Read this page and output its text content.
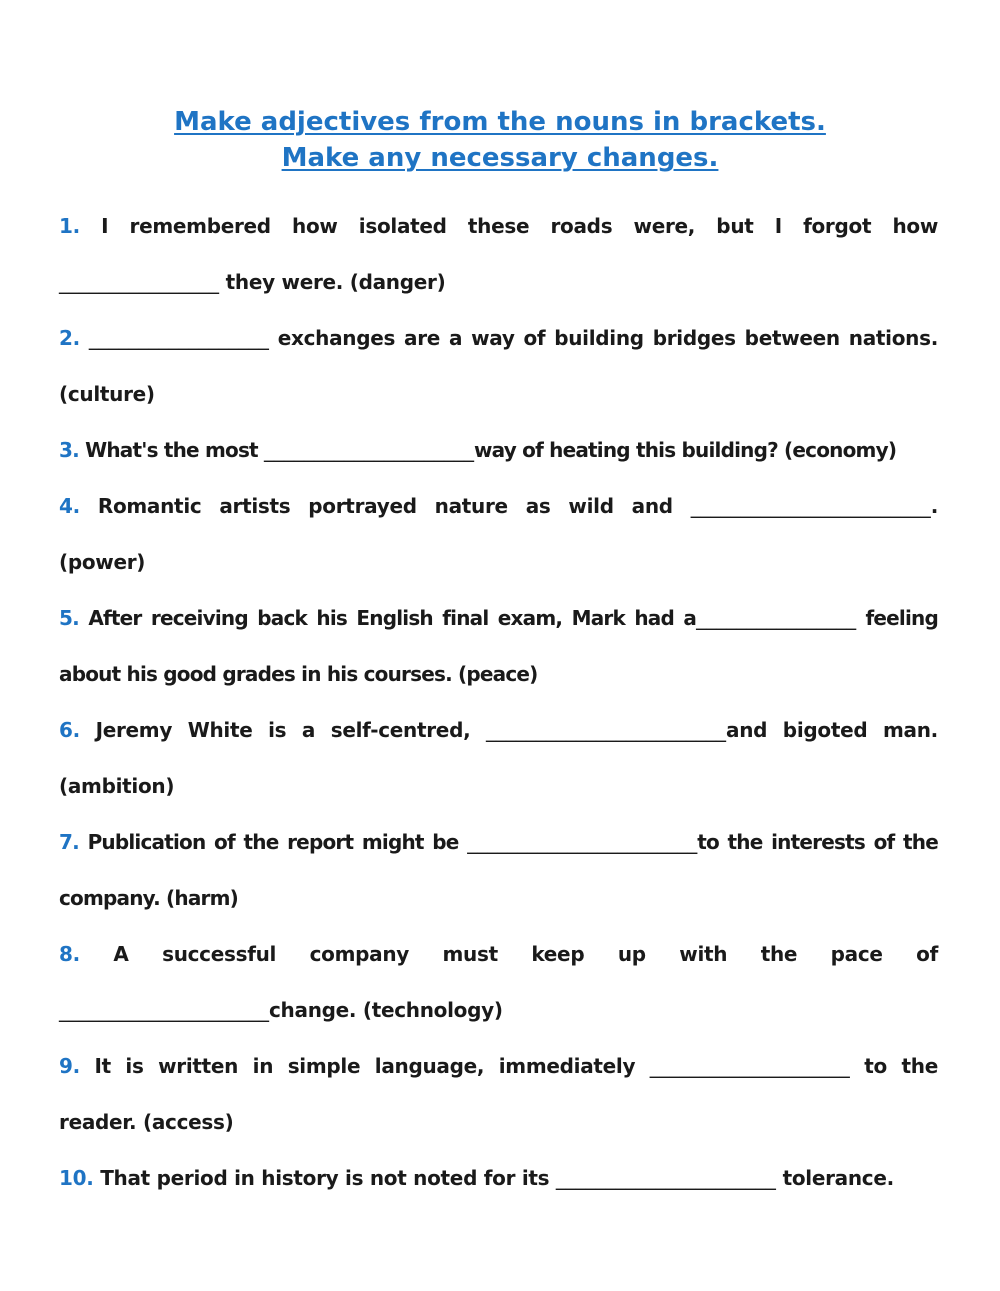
Make adjectives from the nouns in brackets.
Make any necessary changes.
1. I remembered how isolated these roads were, but I forgot how ________________ they were. (danger)
2. __________________ exchanges are a way of building bridges between nations. (culture)
3. What's the most _____________________way of heating this building? (economy)
4. Romantic artists portrayed nature as wild and ________________________. (power)
5. After receiving back his English final exam, Mark had a________________ feeling about his good grades in his courses. (peace)
6. Jeremy White is a self-centred, ________________________and bigoted man. (ambition)
7. Publication of the report might be _______________________to the interests of the company. (harm)
8. A successful company must keep up with the pace of _____________________change. (technology)
9. It is written in simple language, immediately ____________________ to the reader. (access)
10. That period in history is not noted for its ______________________ tolerance.
